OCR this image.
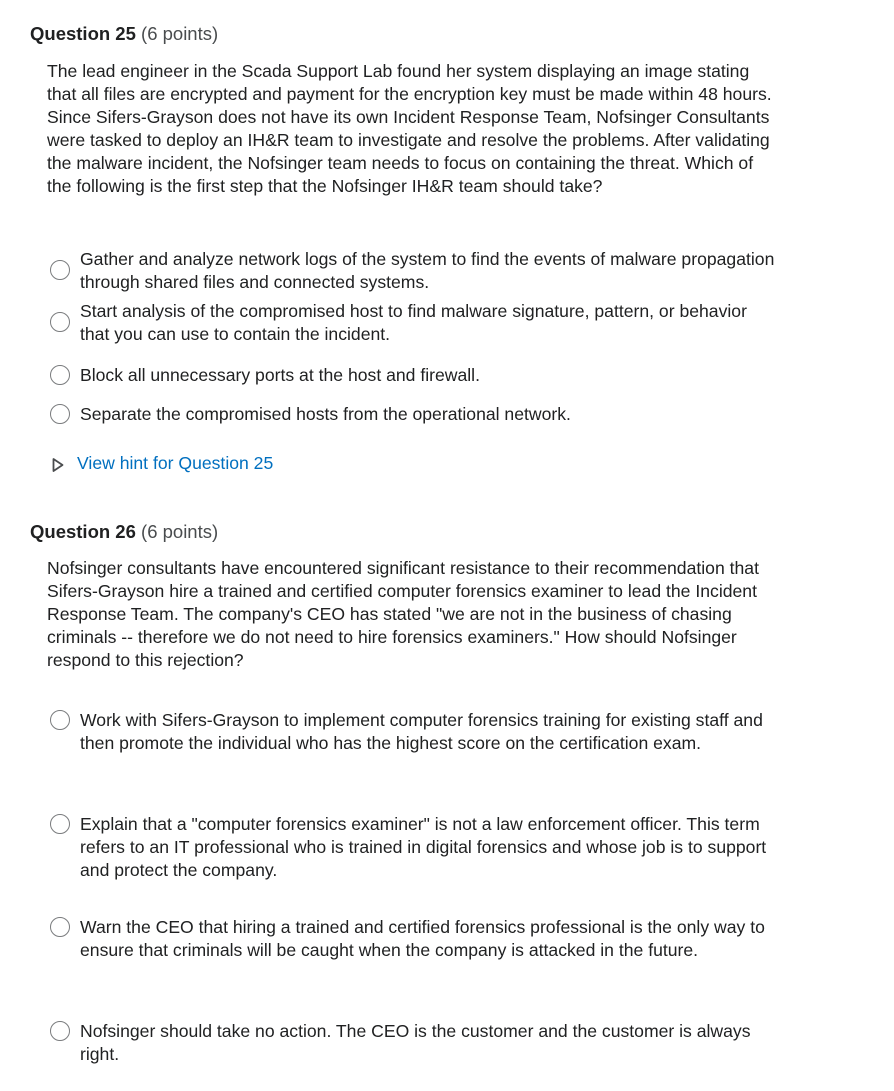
Question 25 (6 points)
The lead engineer in the Scada Support Lab found her system displaying an image stating that all files are encrypted and payment for the encryption key must be made within 48 hours. Since Sifers-Grayson does not have its own Incident Response Team, Nofsinger Consultants were tasked to deploy an IH&R team to investigate and resolve the problems. After validating the malware incident, the Nofsinger team needs to focus on containing the threat. Which of the following is the first step that the Nofsinger IH&R team should take?
Gather and analyze network logs of the system to find the events of malware propagation through shared files and connected systems.
Start analysis of the compromised host to find malware signature, pattern, or behavior that you can use to contain the incident.
Block all unnecessary ports at the host and firewall.
Separate the compromised hosts from the operational network.
View hint for Question 25
Question 26 (6 points)
Nofsinger consultants have encountered significant resistance to their recommendation that Sifers-Grayson hire a trained and certified computer forensics examiner to lead the Incident Response Team. The company's CEO has stated "we are not in the business of chasing criminals -- therefore we do not need to hire forensics examiners." How should Nofsinger respond to this rejection?
Work with Sifers-Grayson to implement computer forensics training for existing staff and then promote the individual who has the highest score on the certification exam.
Explain that a "computer forensics examiner" is not a law enforcement officer. This term refers to an IT professional who is trained in digital forensics and whose job is to support and protect the company.
Warn the CEO that hiring a trained and certified forensics professional is the only way to ensure that criminals will be caught when the company is attacked in the future.
Nofsinger should take no action. The CEO is the customer and the customer is always right.
